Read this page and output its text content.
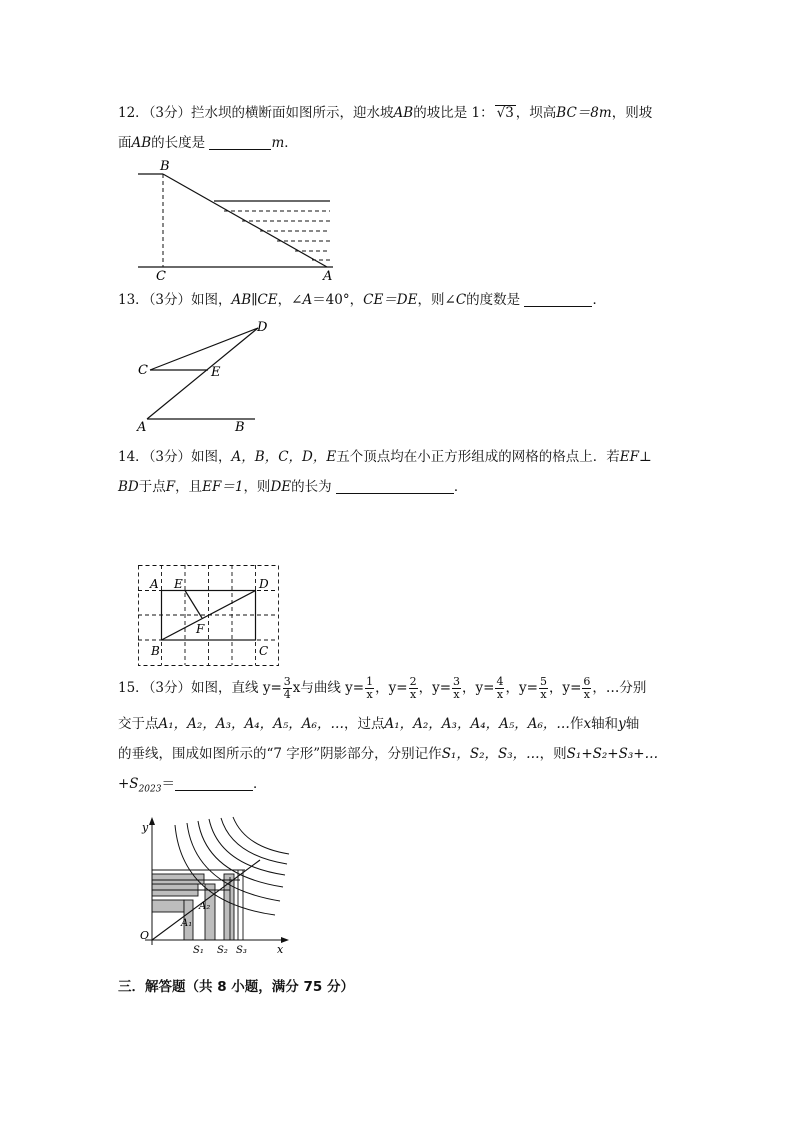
12．（3分）拦水坝的横断面如图所示，迎水坡AB的坡比是 1： √3 ，坝高BC＝8m，则坡
面AB的长度是	m．
B
C	A
13．（3分）如图，AB∥CE，∠A＝40°，CE＝DE，则∠C的度数是	．
D
C	E
A	B
14．（3分）如图，A，B，C，D，E五个顶点均在小正方形组成的网格的格点上．若EF⊥
BD于点F，且EF＝1，则DE的长为	．
A E	D
F
B	C
15．（3分）如图，直线 $y= \frac{3}{4}$ x与曲线 $y= \frac{1}{x}$ ，$y= \frac{2}{x}$ ，$y= \frac{3}{x}$ ，$y= \frac{4}{x}$ ，$y= \frac{5}{x}$ ，$y= \frac{6}{x}$ ，…分别
交于点A₁，A₂，A₃，A₄，A₅，A₆，…，过点A₁，A₂，A₃，A₄，A₅，A₆，…作x轴和y轴
的垂线，围成如图所示的“7 字形”阴影部分，分别记作S₁，S₂，S₃，…，则S₁+S₂+S₃+…
$+S_{2023}=$	．
y
x
O
A₁
A₂
S₁ S₂ S₃
三．解答题（共 8 小题，满分 75 分）
